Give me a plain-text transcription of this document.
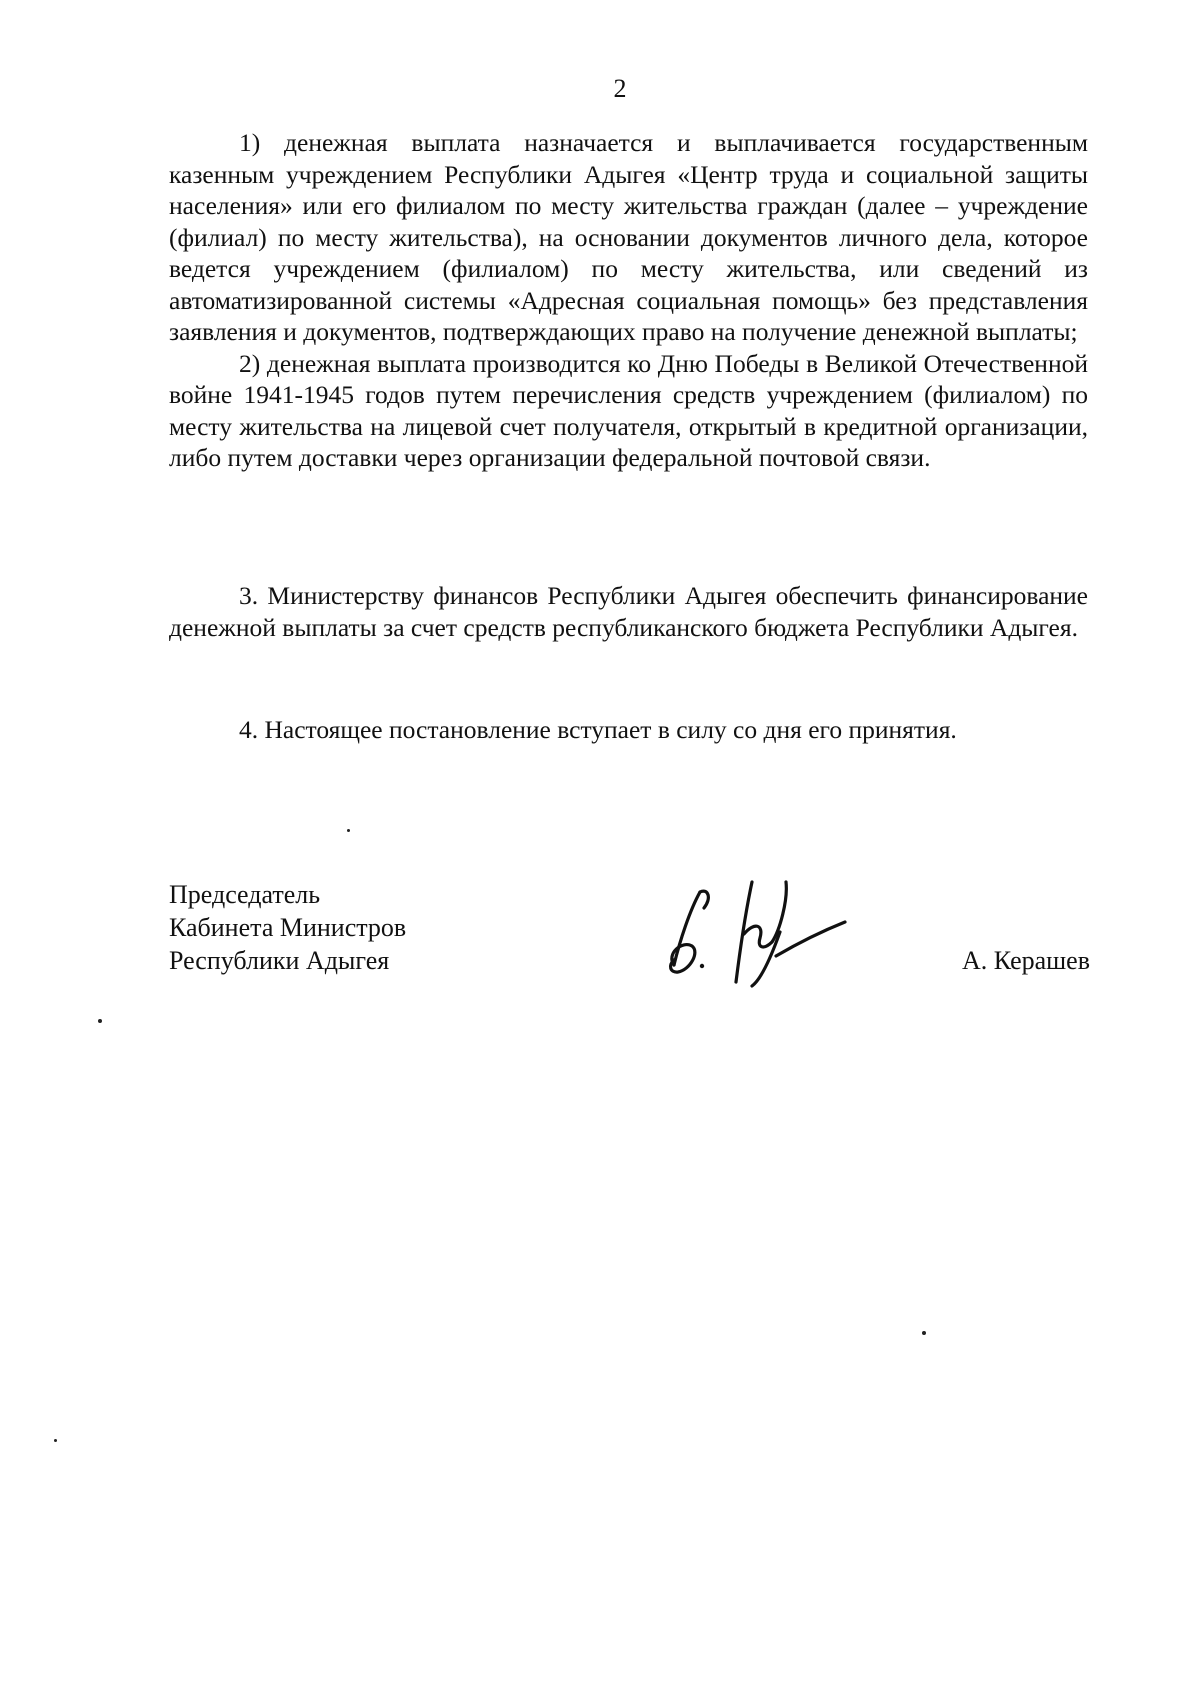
2

1) денежная выплата назначается и выплачивается государственным казенным учреждением Республики Адыгея «Центр труда и социальной защиты населения» или его филиалом по месту жительства граждан (далее – учреждение (филиал) по месту жительства), на основании документов личного дела, которое ведется учреждением (филиалом) по месту жительства, или сведений из автоматизированной системы «Адресная социальная помощь» без представления заявления и документов, подтверждающих право на получение денежной выплаты;

2) денежная выплата производится ко Дню Победы в Великой Отечественной войне 1941-1945 годов путем перечисления средств учреждением (филиалом) по месту жительства на лицевой счет получателя, открытый в кредитной организации, либо путем доставки через организации федеральной почтовой связи.

3. Министерству финансов Республики Адыгея обеспечить финансирование денежной выплаты за счет средств республиканского бюджета Республики Адыгея.

4. Настоящее постановление вступает в силу со дня его принятия.

Председатель
Кабинета Министров
Республики Адыгея	А. Керашев
